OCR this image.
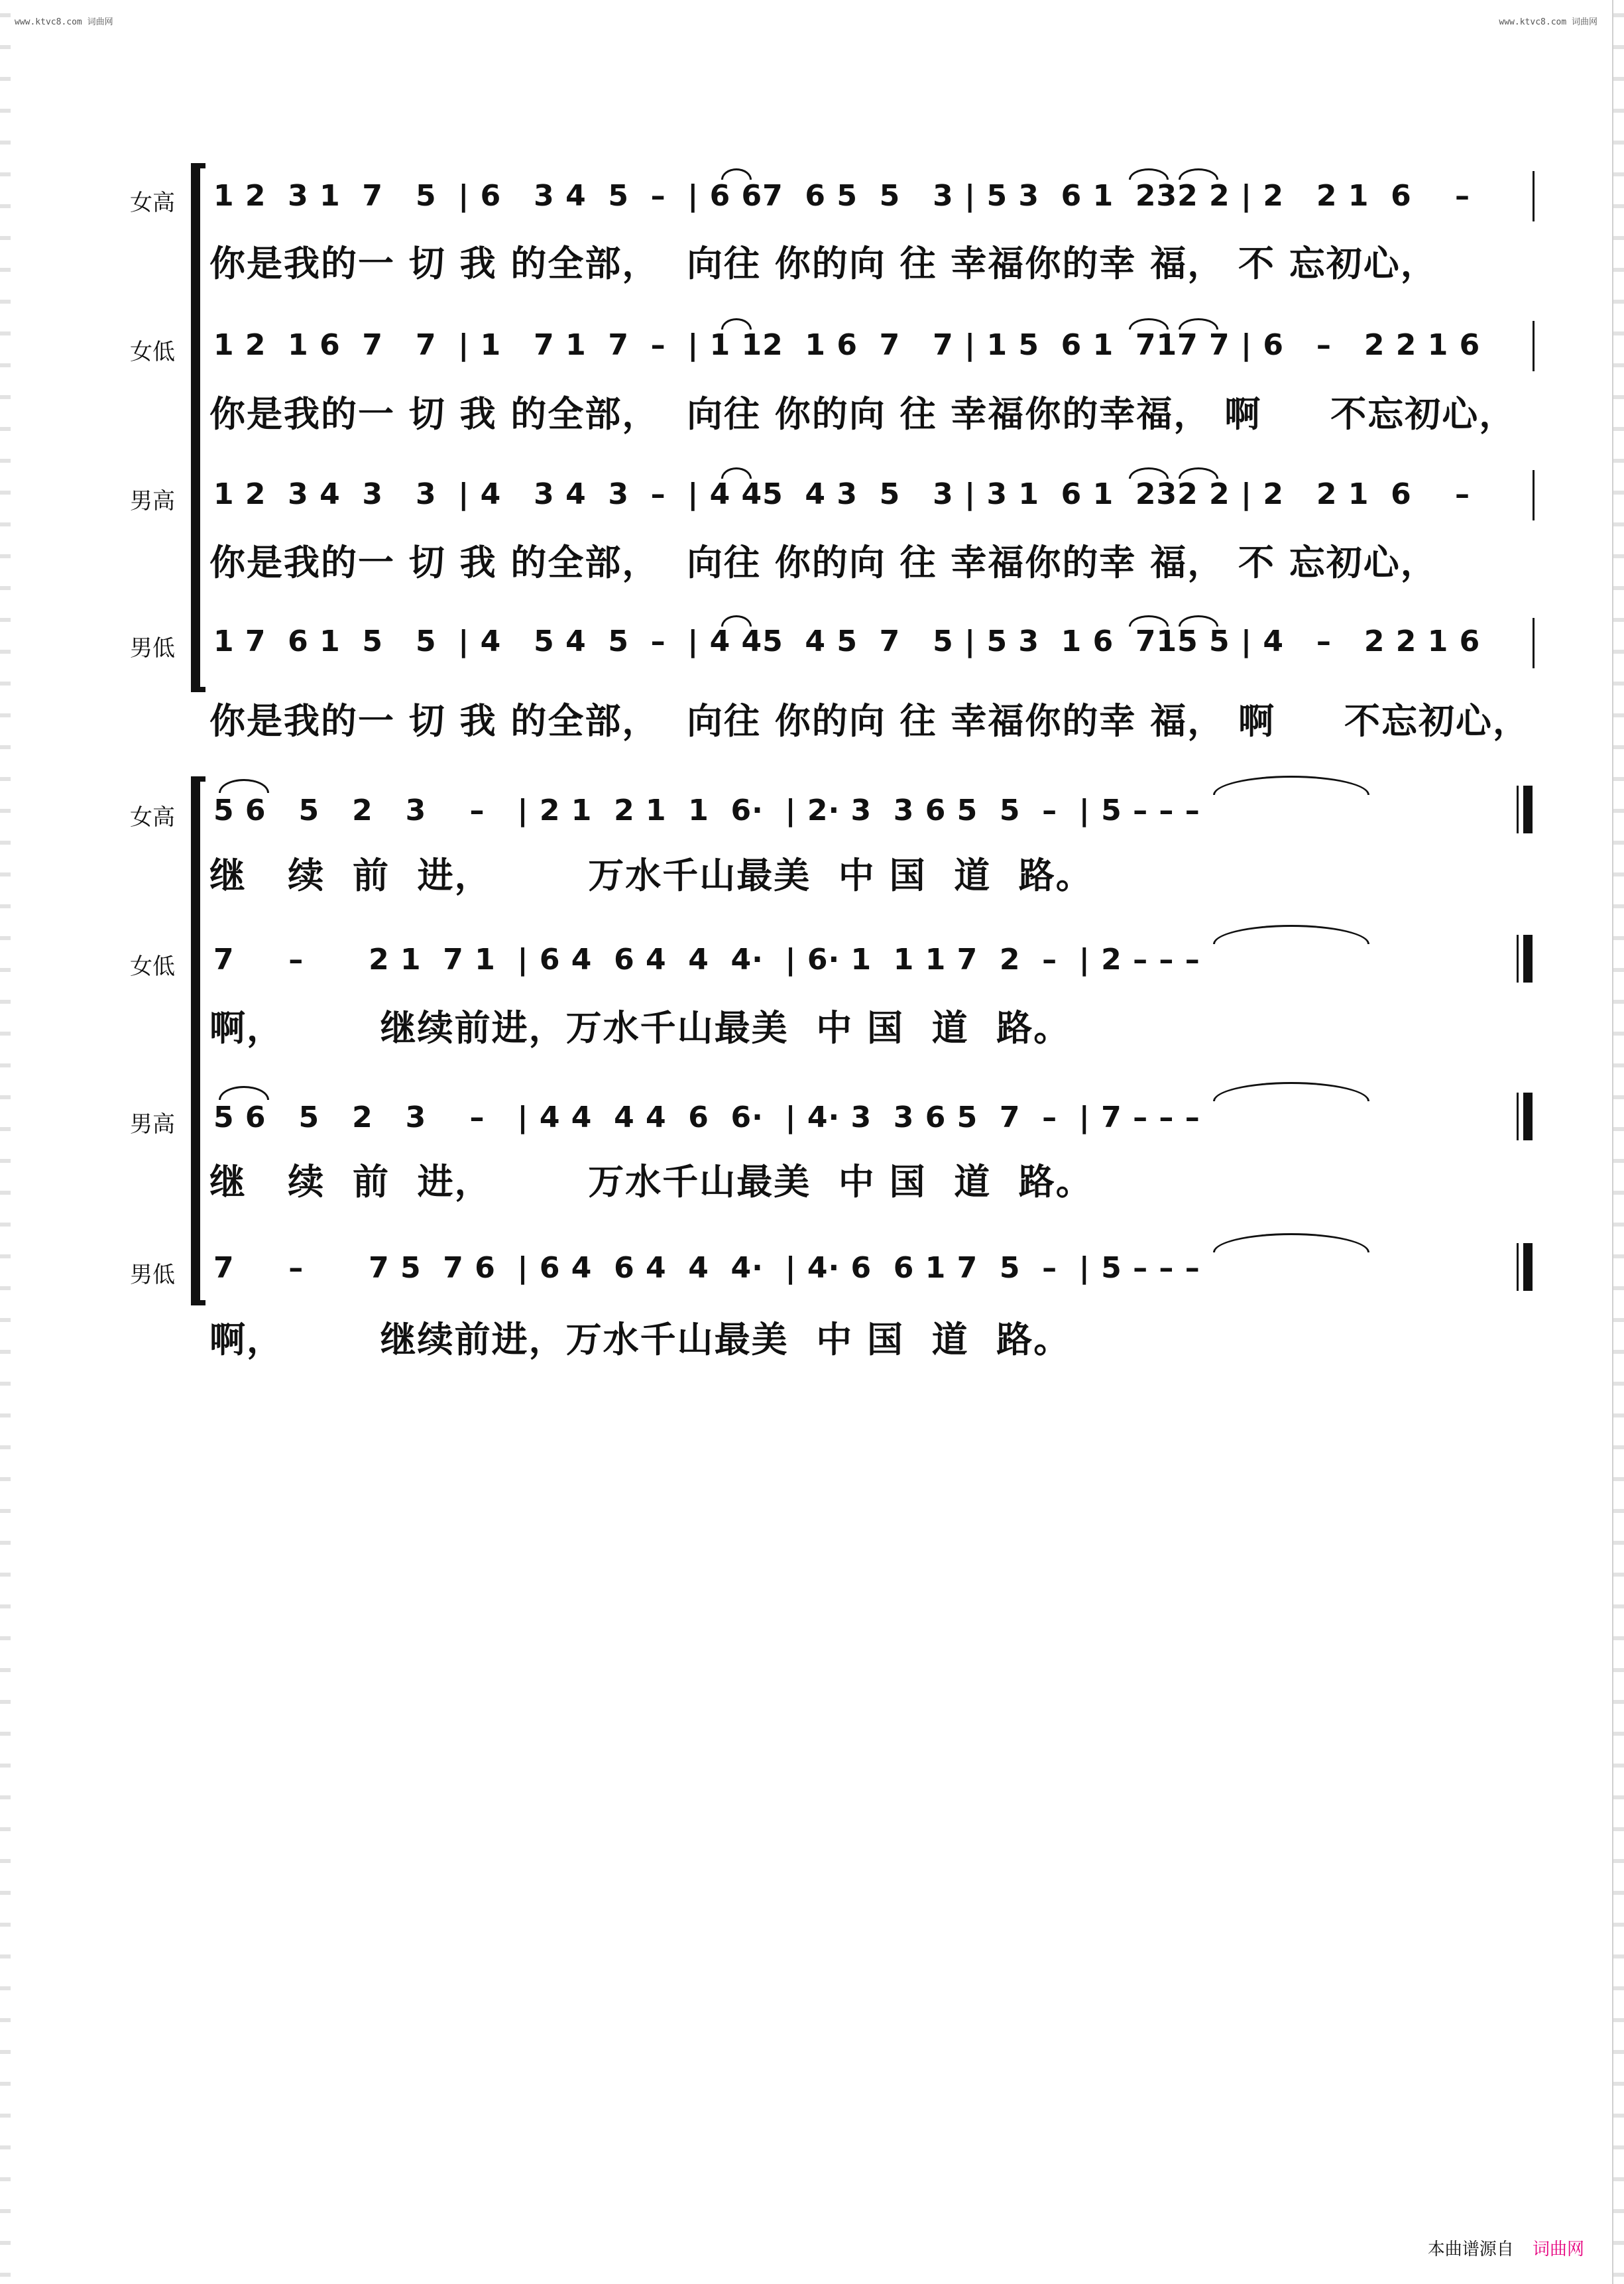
www.ktvc8.com 词曲网	www.ktvc8.com 词曲网
女高 1 2  3 1  7   5  | 6   3 4  5  –  | 6 67  6 5  5   3 | 5 3  6 1  232 2 | 2   2 1  6    –
你是我的一 切 我 的全部，  向往 你的向 往 幸福你的幸 福， 不 忘初心，
女低 1 2  1 6  7   7  | 1   7 1  7  –  | 1 12  1 6  7   7 | 1 5  6 1  717 7 | 6   –   2 2 1 6
你是我的一 切 我 的全部，  向往 你的向 往 幸福你的幸福， 啊     不忘初心，
男高 1 2  3 4  3   3  | 4   3 4  3  –  | 4 45  4 3  5   3 | 3 1  6 1  232 2 | 2   2 1  6    –
你是我的一 切 我 的全部，  向往 你的向 往 幸福你的幸 福， 不 忘初心，
男低 1 7  6 1  5   5  | 4   5 4  5  –  | 4 45  4 5  7   5 | 5 3  1 6  715 5 | 4   –   2 2 1 6
你是我的一 切 我 的全部，  向往 你的向 往 幸福你的幸 福， 啊     不忘初心，
女高 5 6   5   2   3    –   | 2 1  2 1  1  6·  | 2· 3  3 6 5  5  –  | 5 – – –
继   续  前  进，       万水千山最美  中 国  道  路。
女低 7     –      2 1  7 1  | 6 4  6 4  4  4·  | 6· 1  1 1 7  2  –  | 2 – – –
啊，       继续前进，万水千山最美  中 国  道  路。
男高 5 6   5   2   3    –   | 4 4  4 4  6  6·  | 4· 3  3 6 5  7  –  | 7 – – –
继   续  前  进，       万水千山最美  中 国  道  路。
男低 7     –      7 5  7 6  | 6 4  6 4  4  4·  | 4· 6  6 1 7  5  –  | 5 – – –
啊，       继续前进，万水千山最美  中 国  道  路。
本曲谱源自 词曲网
